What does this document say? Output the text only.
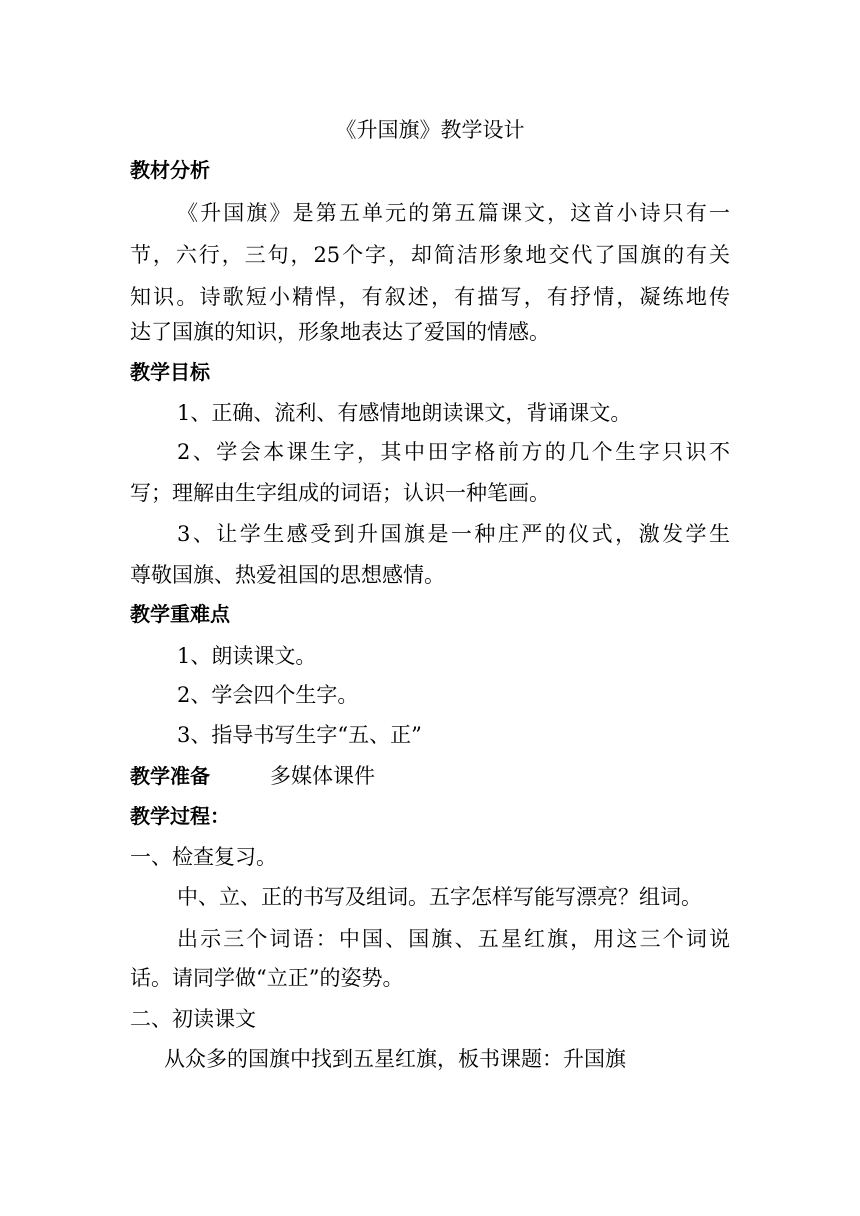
《升国旗》教学设计
教材分析
《升国旗》是第五单元的第五篇课文，这首小诗只有一
节，六行，三句，25个字，却简洁形象地交代了国旗的有关
知识。诗歌短小精悍，有叙述，有描写，有抒情，凝练地传
达了国旗的知识，形象地表达了爱国的情感。
教学目标
1、正确、流利、有感情地朗读课文，背诵课文。
2、学会本课生字，其中田字格前方的几个生字只识不
写；理解由生字组成的词语；认识一种笔画。
3、让学生感受到升国旗是一种庄严的仪式，激发学生
尊敬国旗、热爱祖国的思想感情。
教学重难点
1、朗读课文。
2、学会四个生字。
3、指导书写生字“五、正”
教学准备	多媒体课件
教学过程：
一、检查复习。
中、立、正的书写及组词。五字怎样写能写漂亮？组词。
出示三个词语：中国、国旗、五星红旗，用这三个词说
话。请同学做“立正”的姿势。
二、初读课文
从众多的国旗中找到五星红旗，板书课题：升国旗
